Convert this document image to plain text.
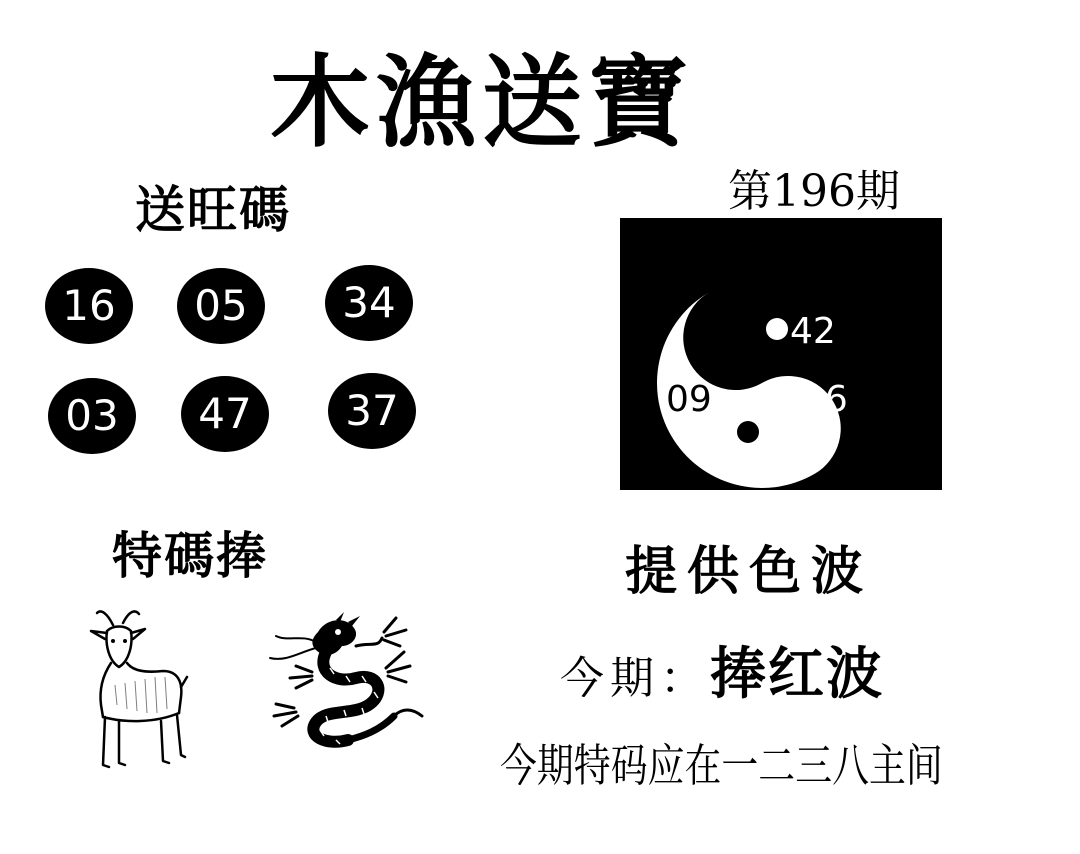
木漁送寶
送旺碼
16	05	34
03	47	37
特碼捧
第196期
42
09	26
提供色波
今期：捧红波
今期特码应在一二三八主间
